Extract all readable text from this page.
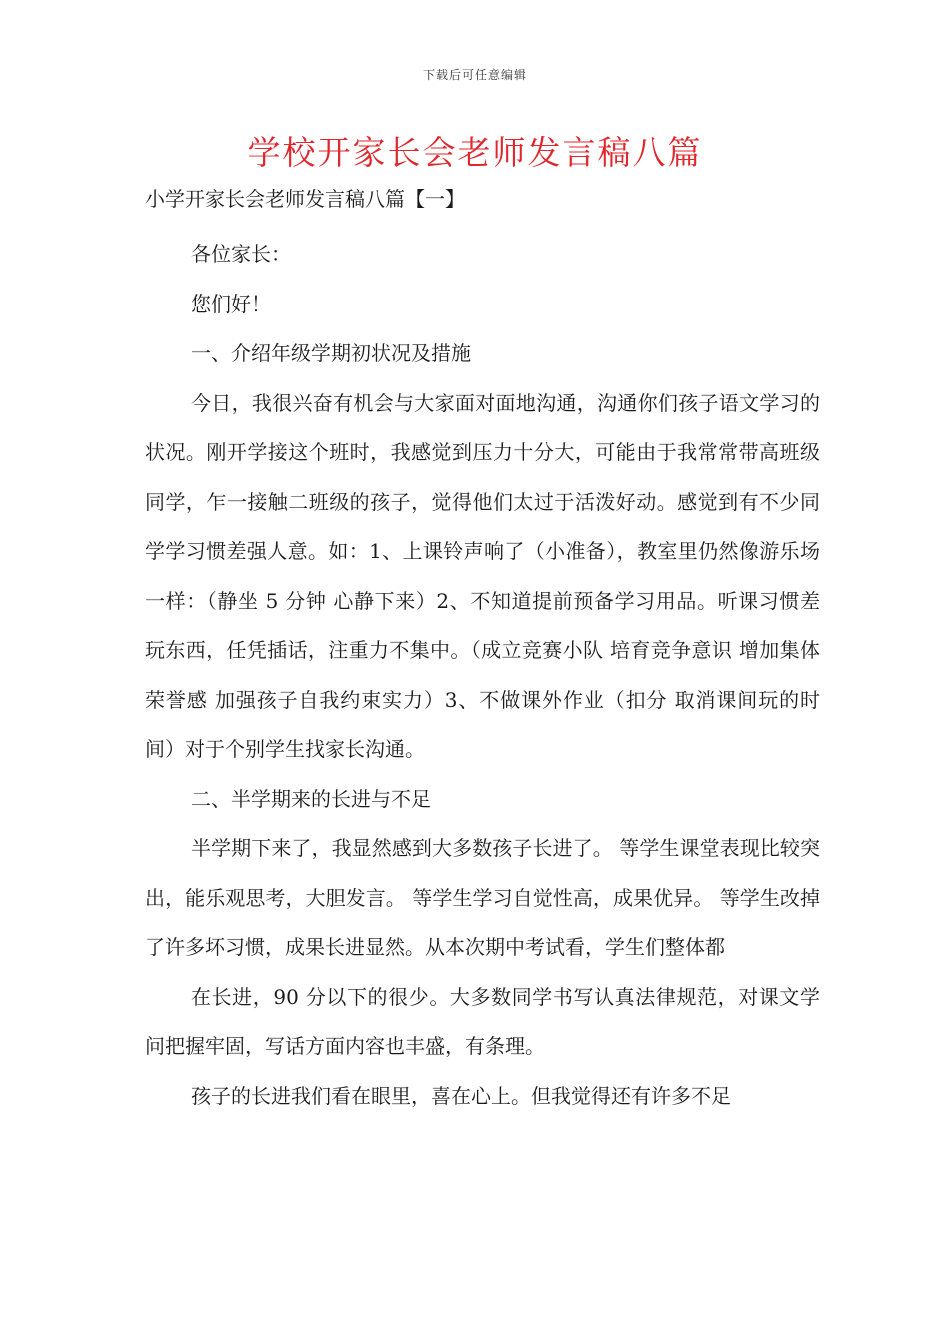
下载后可任意编辑
学校开家长会老师发言稿八篇
小学开家长会老师发言稿八篇【一】

各位家长：

您们好！

一、介绍年级学期初状况及措施

今日，我很兴奋有机会与大家面对面地沟通，沟通你们孩子语文学习的状况。刚开学接这个班时，我感觉到压力十分大，可能由于我常常带高班级同学，乍一接触二班级的孩子，觉得他们太过于活泼好动。感觉到有不少同学学习惯差强人意。如：1、上课铃声响了（小准备），教室里仍然像游乐场一样：（静坐 5 分钟 心静下来）2、不知道提前预备学习用品。听课习惯差 玩东西，任凭插话，注重力不集中。（成立竞赛小队 培育竞争意识 增加集体荣誉感 加强孩子自我约束实力）3、不做课外作业（扣分 取消课间玩的时间）对于个别学生找家长沟通。

二、半学期来的长进与不足

半学期下来了，我显然感到大多数孩子长进了。 等学生课堂表现比较突出，能乐观思考，大胆发言。 等学生学习自觉性高，成果优异。 等学生改掉了许多坏习惯，成果长进显然。从本次期中考试看，学生们整体都

在长进，90 分以下的很少。大多数同学书写认真法律规范，对课文学问把握牢固，写话方面内容也丰盛，有条理。

孩子的长进我们看在眼里，喜在心上。但我觉得还有许多不足
